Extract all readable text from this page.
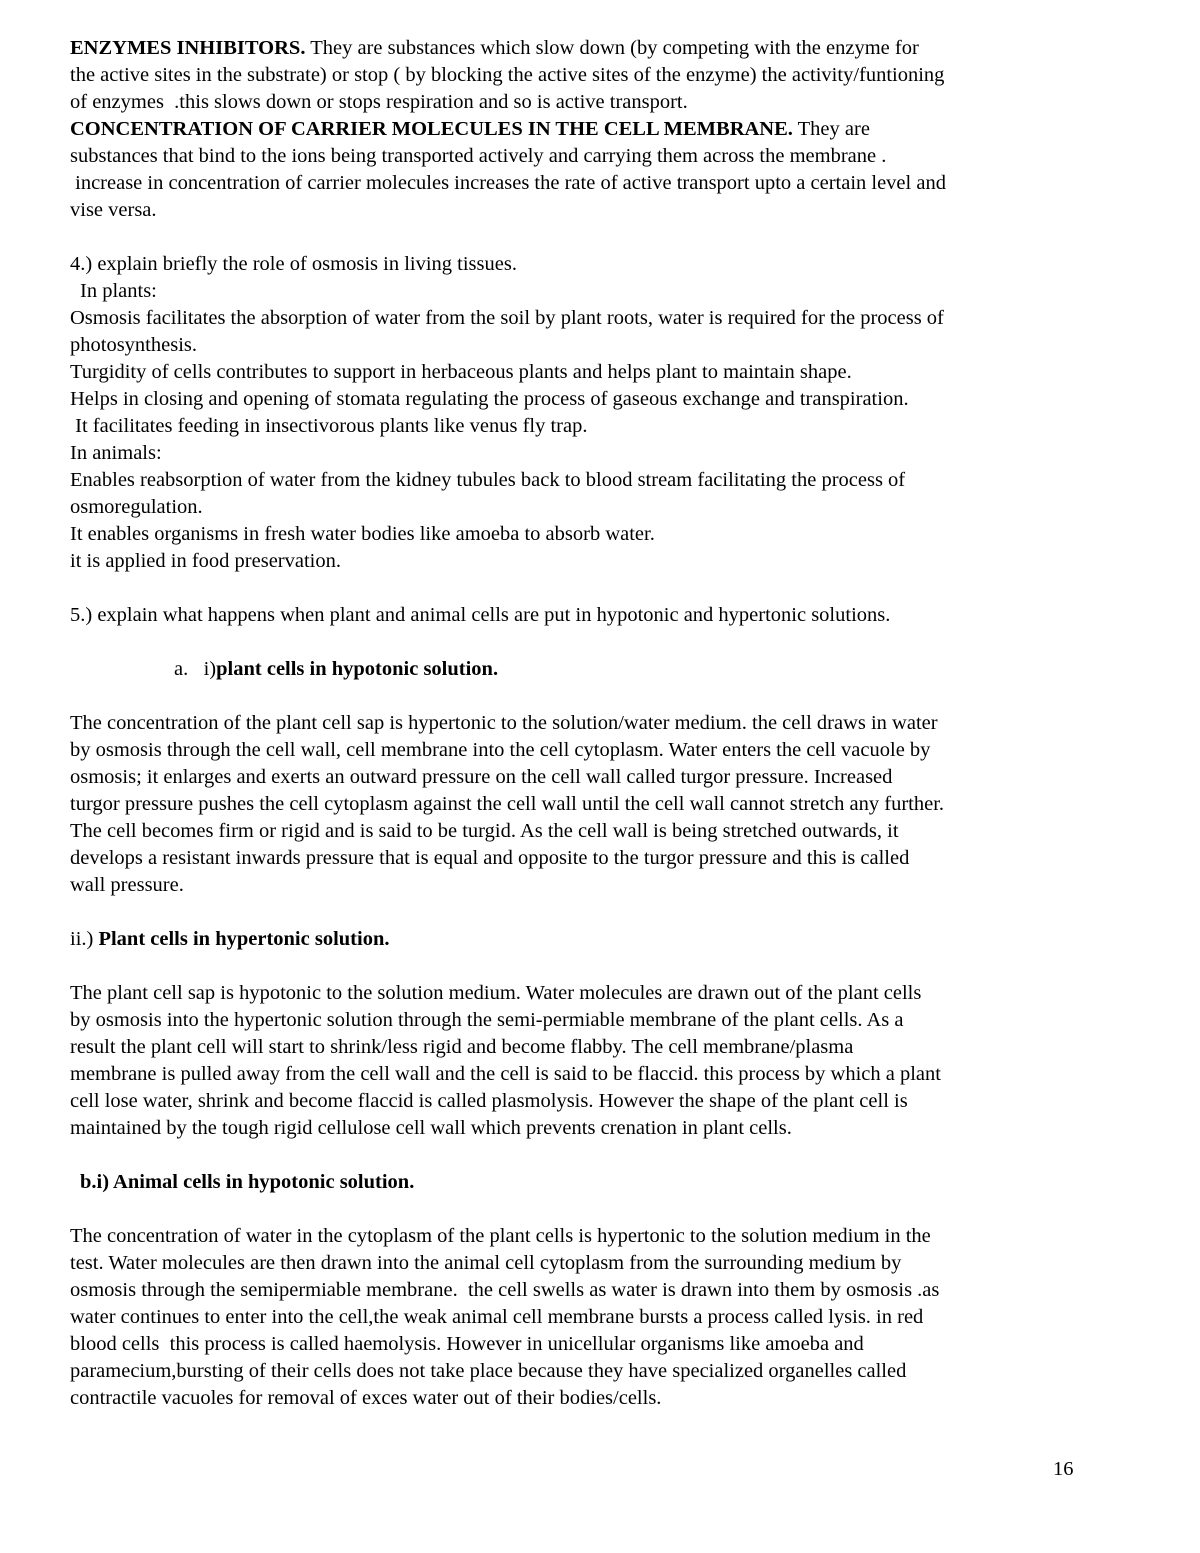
ENZYMES INHIBITORS. They are substances which slow down (by competing with the enzyme for
the active sites in the substrate) or stop ( by blocking the active sites of the enzyme) the activity/funtioning
of enzymes  .this slows down or stops respiration and so is active transport.
CONCENTRATION OF CARRIER MOLECULES IN THE CELL MEMBRANE. They are
substances that bind to the ions being transported actively and carrying them across the membrane .
increase in concentration of carrier molecules increases the rate of active transport upto a certain level and
vise versa.
4.) explain briefly the role of osmosis in living tissues.
In plants:
Osmosis facilitates the absorption of water from the soil by plant roots, water is required for the process of
photosynthesis.
Turgidity of cells contributes to support in herbaceous plants and helps plant to maintain shape.
Helps in closing and opening of stomata regulating the process of gaseous exchange and transpiration.
It facilitates feeding in insectivorous plants like venus fly trap.
In animals:
Enables reabsorption of water from the kidney tubules back to blood stream facilitating the process of
osmoregulation.
It enables organisms in fresh water bodies like amoeba to absorb water.
it is applied in food preservation.
5.) explain what happens when plant and animal cells are put in hypotonic and hypertonic solutions.
a. i)plant cells in hypotonic solution.
The concentration of the plant cell sap is hypertonic to the solution/water medium. the cell draws in water
by osmosis through the cell wall, cell membrane into the cell cytoplasm. Water enters the cell vacuole by
osmosis; it enlarges and exerts an outward pressure on the cell wall called turgor pressure. Increased
turgor pressure pushes the cell cytoplasm against the cell wall until the cell wall cannot stretch any further.
The cell becomes firm or rigid and is said to be turgid. As the cell wall is being stretched outwards, it
develops a resistant inwards pressure that is equal and opposite to the turgor pressure and this is called
wall pressure.
ii.) Plant cells in hypertonic solution.
The plant cell sap is hypotonic to the solution medium. Water molecules are drawn out of the plant cells
by osmosis into the hypertonic solution through the semi-permiable membrane of the plant cells. As a
result the plant cell will start to shrink/less rigid and become flabby. The cell membrane/plasma
membrane is pulled away from the cell wall and the cell is said to be flaccid. this process by which a plant
cell lose water, shrink and become flaccid is called plasmolysis. However the shape of the plant cell is
maintained by the tough rigid cellulose cell wall which prevents crenation in plant cells.
b.i) Animal cells in hypotonic solution.
The concentration of water in the cytoplasm of the plant cells is hypertonic to the solution medium in the
test. Water molecules are then drawn into the animal cell cytoplasm from the surrounding medium by
osmosis through the semipermiable membrane.  the cell swells as water is drawn into them by osmosis .as
water continues to enter into the cell,the weak animal cell membrane bursts a process called lysis. in red
blood cells  this process is called haemolysis. However in unicellular organisms like amoeba and
paramecium,bursting of their cells does not take place because they have specialized organelles called
contractile vacuoles for removal of exces water out of their bodies/cells.
16
